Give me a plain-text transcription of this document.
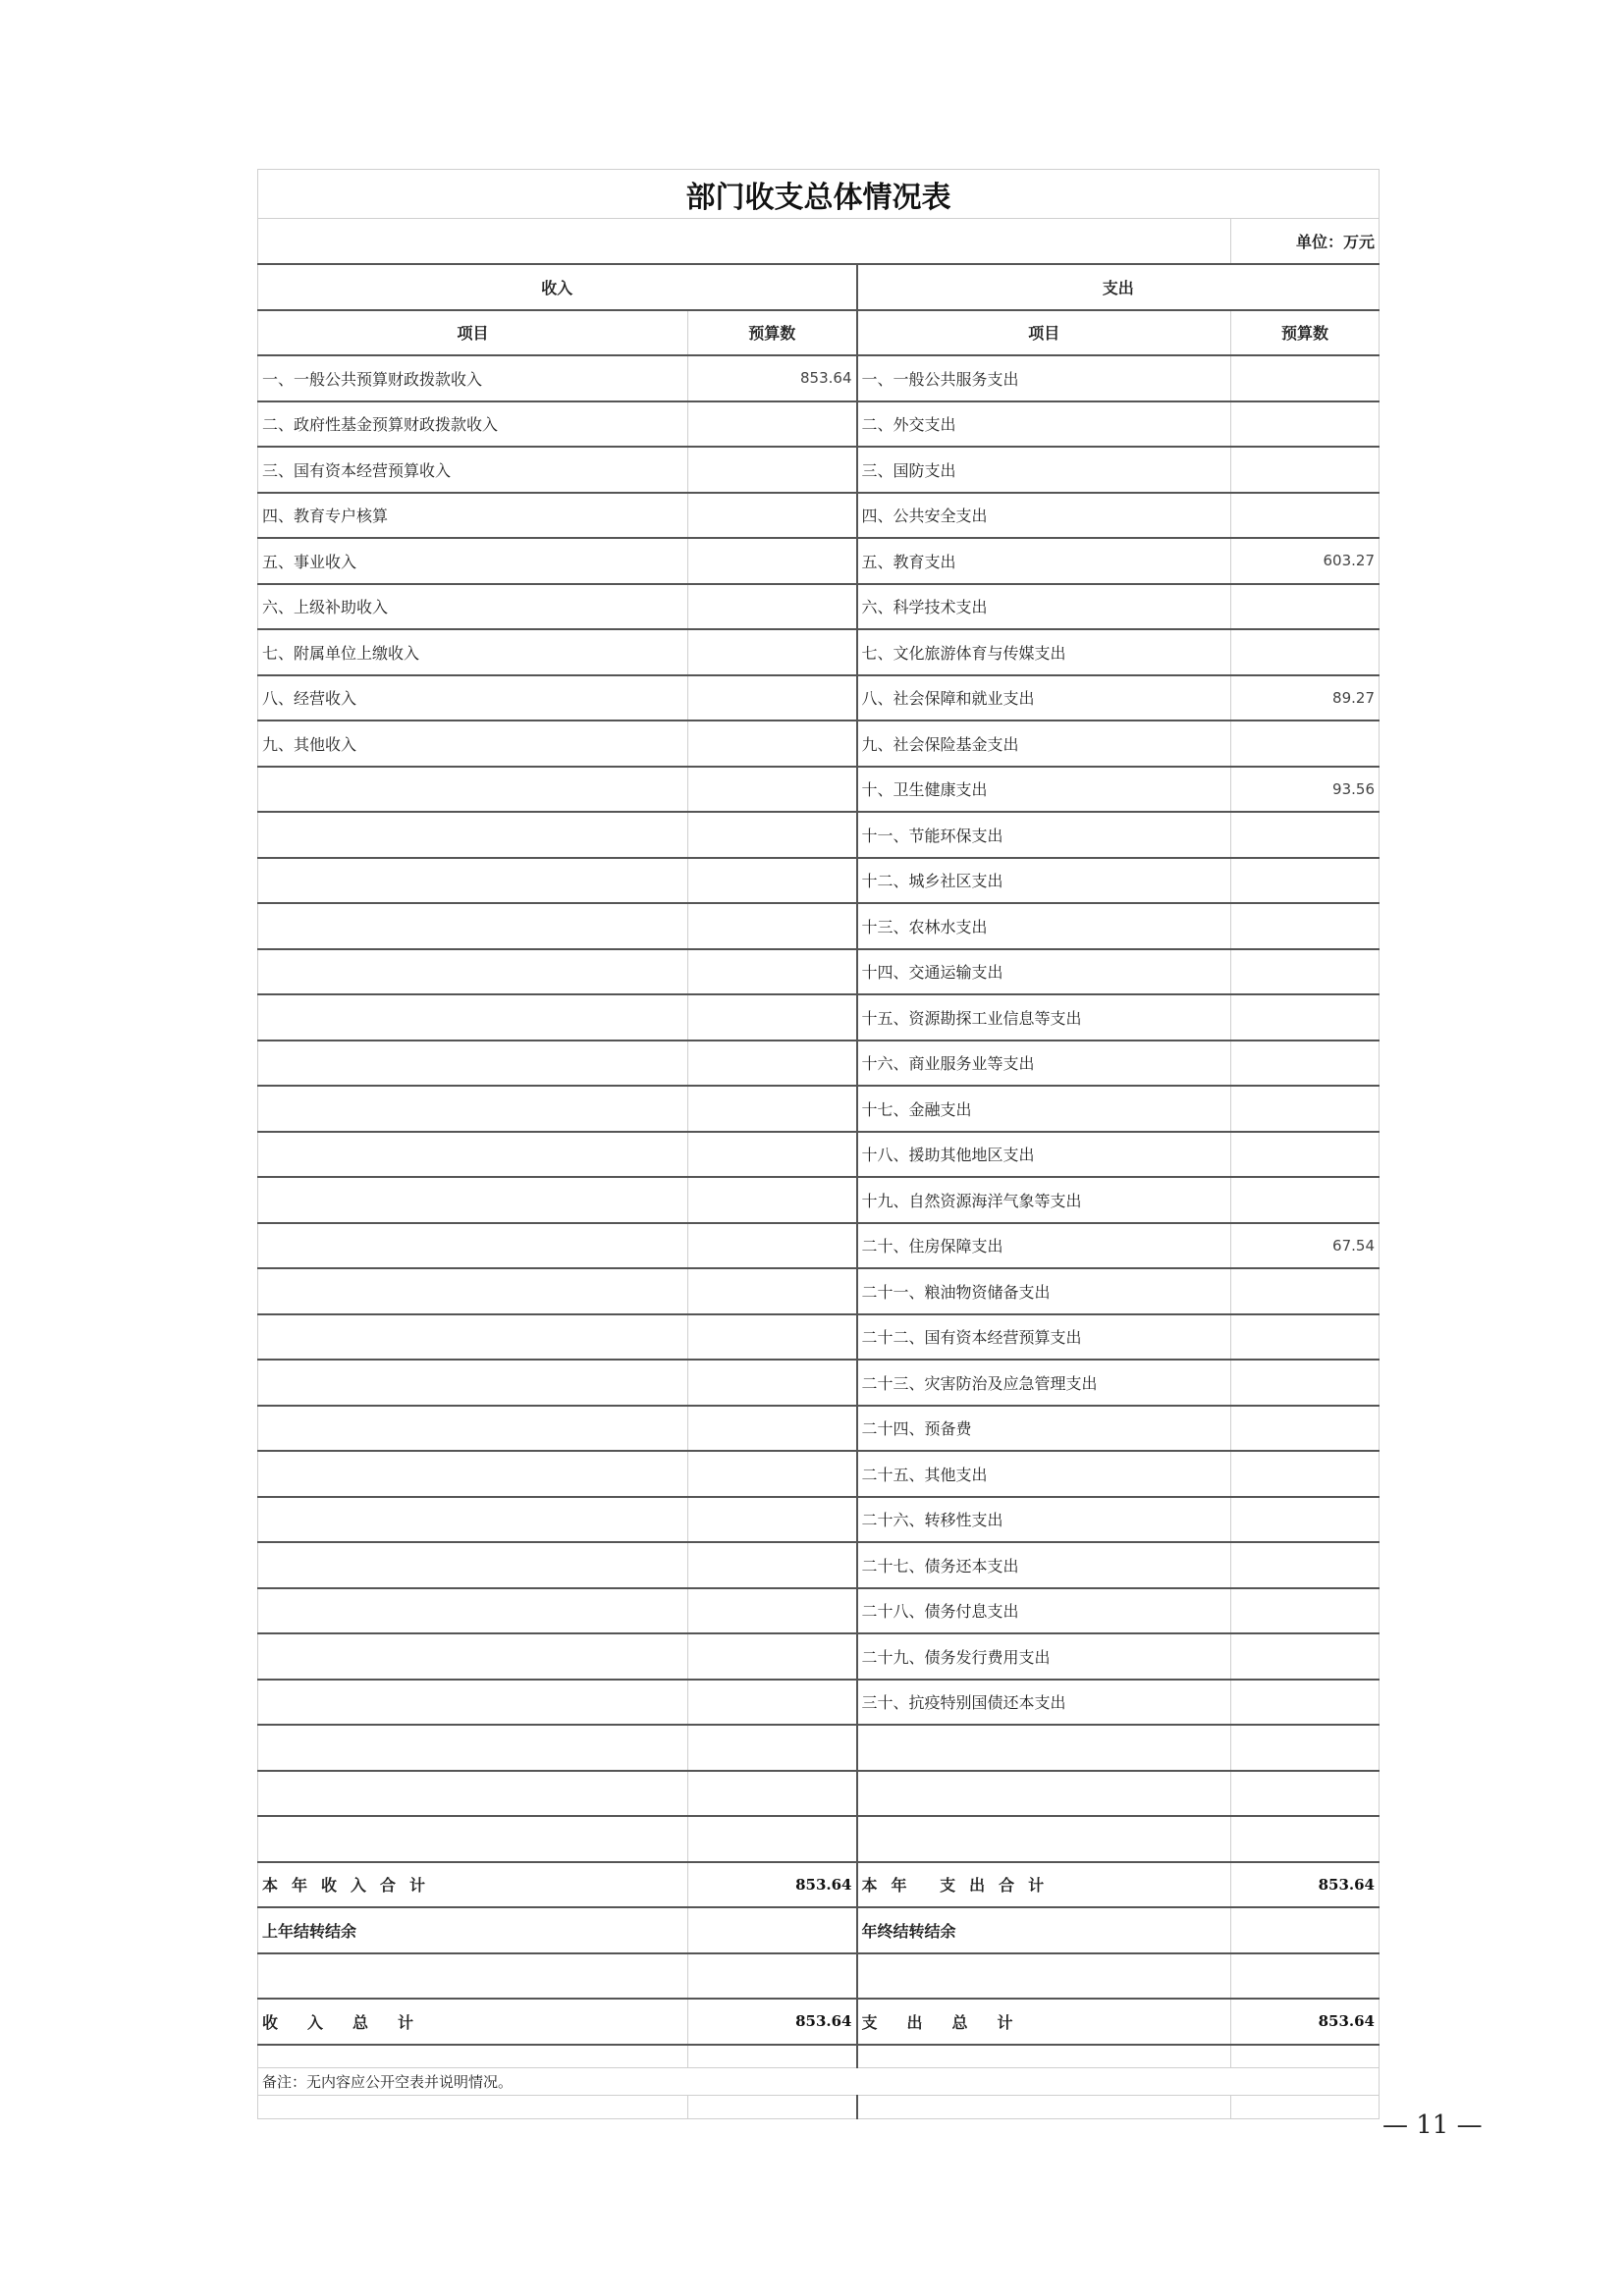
部门收支总体情况表			
			单位：万元
收入		支出	
项目	预算数	项目	预算数
一、一般公共预算财政拨款收入	853.64	一、一般公共服务支出	
二、政府性基金预算财政拨款收入		二、外交支出	
三、国有资本经营预算收入		三、国防支出	
四、教育专户核算		四、公共安全支出	
五、事业收入		五、教育支出	603.27
六、上级补助收入		六、科学技术支出	
七、附属单位上缴收入		七、文化旅游体育与传媒支出	
八、经营收入		八、社会保障和就业支出	89.27
九、其他收入		九、社会保险基金支出	
		十、卫生健康支出	93.56
		十一、节能环保支出	
		十二、城乡社区支出	
		十三、农林水支出	
		十四、交通运输支出	
		十五、资源勘探工业信息等支出	
		十六、商业服务业等支出	
		十七、金融支出	
		十八、援助其他地区支出	
		十九、自然资源海洋气象等支出	
		二十、住房保障支出	67.54
		二十一、粮油物资储备支出	
		二十二、国有资本经营预算支出	
		二十三、灾害防治及应急管理支出	
		二十四、预备费	
		二十五、其他支出	
		二十六、转移性支出	
		二十七、债务还本支出	
		二十八、债务付息支出	
		二十九、债务发行费用支出	
		三十、抗疫特别国债还本支出	

本年收入合计	853.64	本年 支出合计	853.64
上年结转结余		年终结转结余	

收入总计	853.64	支出总计	853.64

备注：无内容应公开空表并说明情况。			

— 11 —
